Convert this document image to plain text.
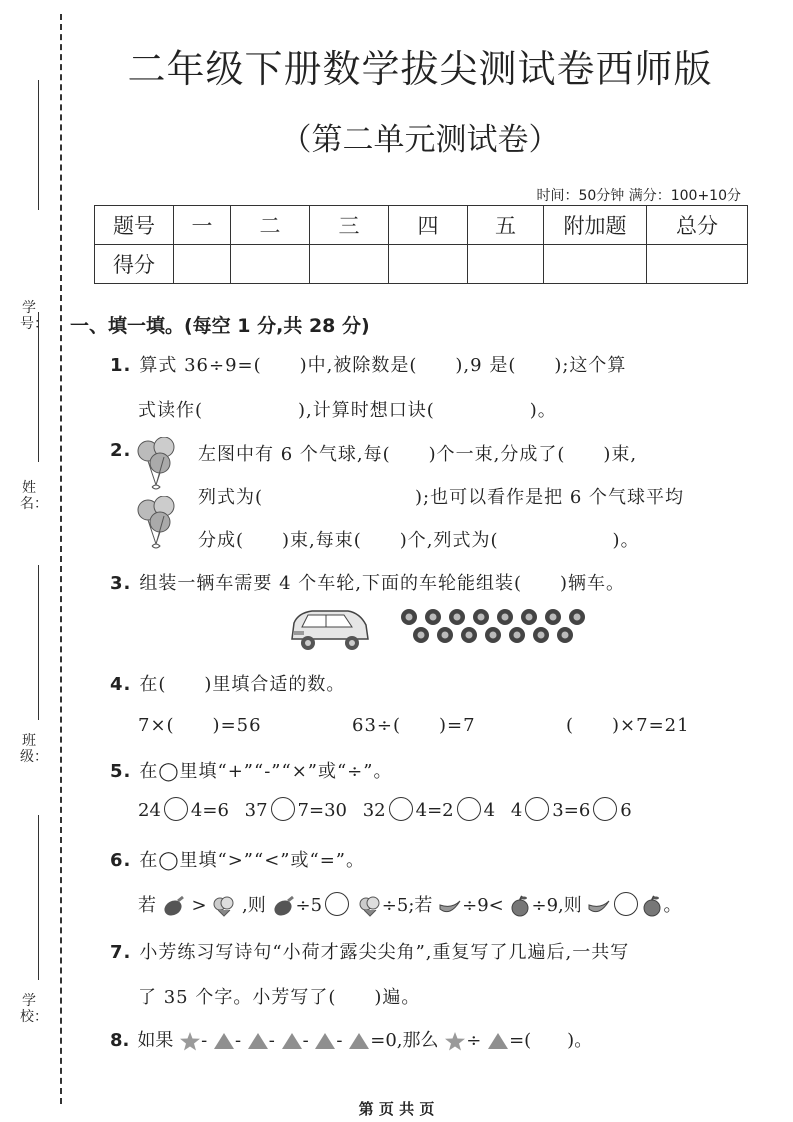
学号：
姓名：
班级：
学校：
二年级下册数学拔尖测试卷西师版
（第二单元测试卷）
时间：50分钟 满分：100+10分
题号	一	二	三	四	五	附加题	总分
得分							
一、填一填。(每空 1 分,共 28 分)
1. 算式 36÷9=(　　)中,被除数是(　　),9 是(　　);这个算
式读作(　　　　　),计算时想口诀(　　　　　)。
2.	左图中有 6 个气球,每(　　)个一束,分成了(　　)束,
列式为(　　　　　　　　);也可以看作是把 6 个气球平均
分成(　　)束,每束(　　)个,列式为(　　　　　　)。
3. 组装一辆车需要 4 个车轮,下面的车轮能组装(　　)辆车。
4. 在(　　)里填合适的数。
7×(　　)=56	63÷(　　)=7	(　　)×7=21
5. 在◯里填“+”“-”“×”或“÷”。
24 4=6 37 7=30 32 4=2 4 4 3=6 6
6. 在◯里填“>”“<”或“=”。
若 > ,则 ÷5	÷5;若 ÷9< ÷9,则	。
7. 小芳练习写诗句“小荷才露尖尖角”,重复写了几遍后,一共写
了 35 个字。小芳写了(　　)遍。
8. 如果 - - - - - =0,那么 ÷ =(　　)。
第 页 共 页
